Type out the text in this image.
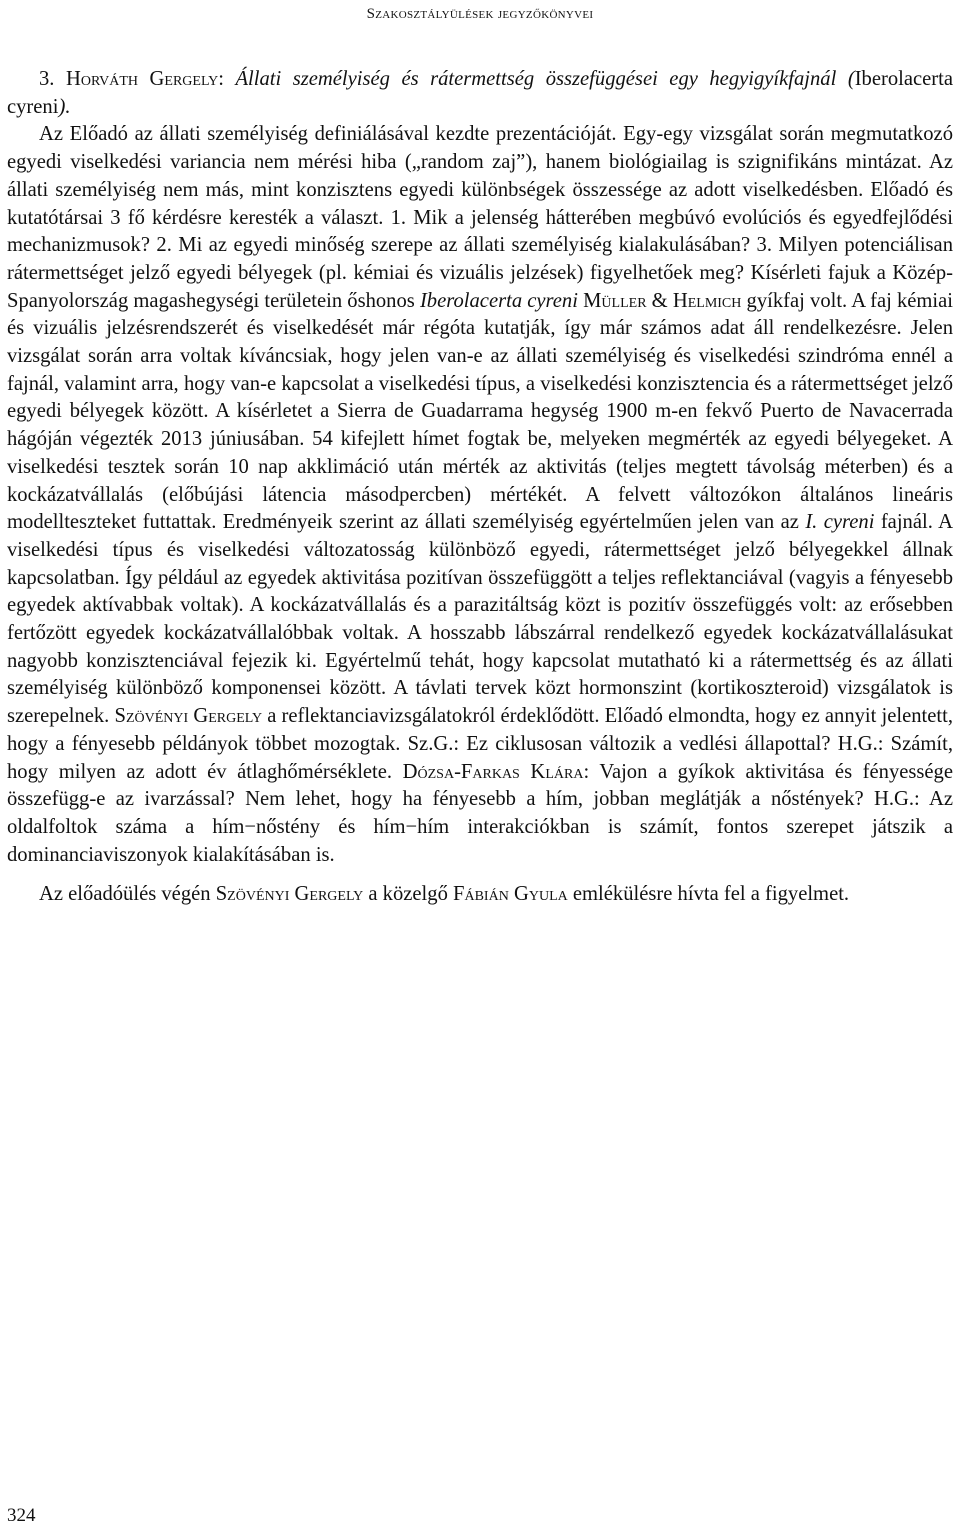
Szakosztályülések jegyzőkönyvei

3. Horváth Gergely: Állati személyiség és rátermettség összefüggései egy hegyigyíkfajnál (Iberolacerta cyreni).

Az Előadó az állati személyiség definiálásával kezdte prezentációját. Egy-egy vizsgálat során megmutatkozó egyedi viselkedési variancia nem mérési hiba („random zaj”), hanem biológiailag is szignifikáns mintázat. Az állati személyiség nem más, mint konzisztens egyedi különbségek összessége az adott viselkedésben. Előadó és kutatótársai 3 fő kérdésre keresték a választ. 1. Mik a jelenség hátterében megbúvó evolúciós és egyedfejlődési mechanizmusok? 2. Mi az egyedi minőség szerepe az állati személyiség kialakulásában? 3. Milyen potenciálisan rátermettséget jelző egyedi bélyegek (pl. kémiai és vizuális jelzések) figyelhetőek meg? Kísérleti fajuk a Közép-Spanyolország magashegységi területein őshonos Iberolacerta cyreni Müller & Helmich gyíkfaj volt. A faj kémiai és vizuális jelzésrendszerét és viselkedését már régóta kutatják, így már számos adat áll rendelkezésre. Jelen vizsgálat során arra voltak kíváncsiak, hogy jelen van-e az állati személyiség és viselkedési szindróma ennél a fajnál, valamint arra, hogy van-e kapcsolat a viselkedési típus, a viselkedési konzisztencia és a rátermettséget jelző egyedi bélyegek között. A kísérletet a Sierra de Guadarrama hegység 1900 m-en fekvő Puerto de Navacerrada hágóján végezték 2013 júniusában. 54 kifejlett hímet fogtak be, melyeken megmérték az egyedi bélyegeket. A viselkedési tesztek során 10 nap akklimáció után mérték az aktivitás (teljes megtett távolság méterben) és a kockázatvállalás (előbújási látencia másodpercben) mértékét. A felvett változókon általános lineáris modellteszteket futtattak. Eredményeik szerint az állati személyiség egyértelműen jelen van az I. cyreni fajnál. A viselkedési típus és viselkedési változatosság különböző egyedi, rátermettséget jelző bélyegekkel állnak kapcsolatban. Így például az egyedek aktivitása pozitívan összefüggött a teljes reflektanciával (vagyis a fényesebb egyedek aktívabbak voltak). A kockázatvállalás és a parazitáltság közt is pozitív összefüggés volt: az erősebben fertőzött egyedek kockázatvállalóbbak voltak. A hosszabb lábszárral rendelkező egyedek kockázatvállalásukat nagyobb konzisztenciával fejezik ki. Egyértelmű tehát, hogy kapcsolat mutatható ki a rátermettség és az állati személyiség különböző komponensei között. A távlati tervek közt hormonszint (kortikoszteroid) vizsgálatok is szerepelnek. Szövényi Gergely a reflektanciavizsgálatokról érdeklődött. Előadó elmondta, hogy ez annyit jelentett, hogy a fényesebb példányok többet mozogtak. Sz.G.: Ez ciklusosan változik a vedlési állapottal? H.G.: Számít, hogy milyen az adott év átlaghőmérséklete. Dózsa-Farkas Klára: Vajon a gyíkok aktivitása és fényessége összefügg-e az ivarzással? Nem lehet, hogy ha fényesebb a hím, jobban meglátják a nőstények? H.G.: Az oldalfoltok száma a hím−nőstény és hím−hím interakciókban is számít, fontos szerepet játszik a dominanciaviszonyok kialakításában is.

Az előadóülés végén Szövényi Gergely a közelgő Fábián Gyula emlékülésre hívta fel a figyelmet.

324
